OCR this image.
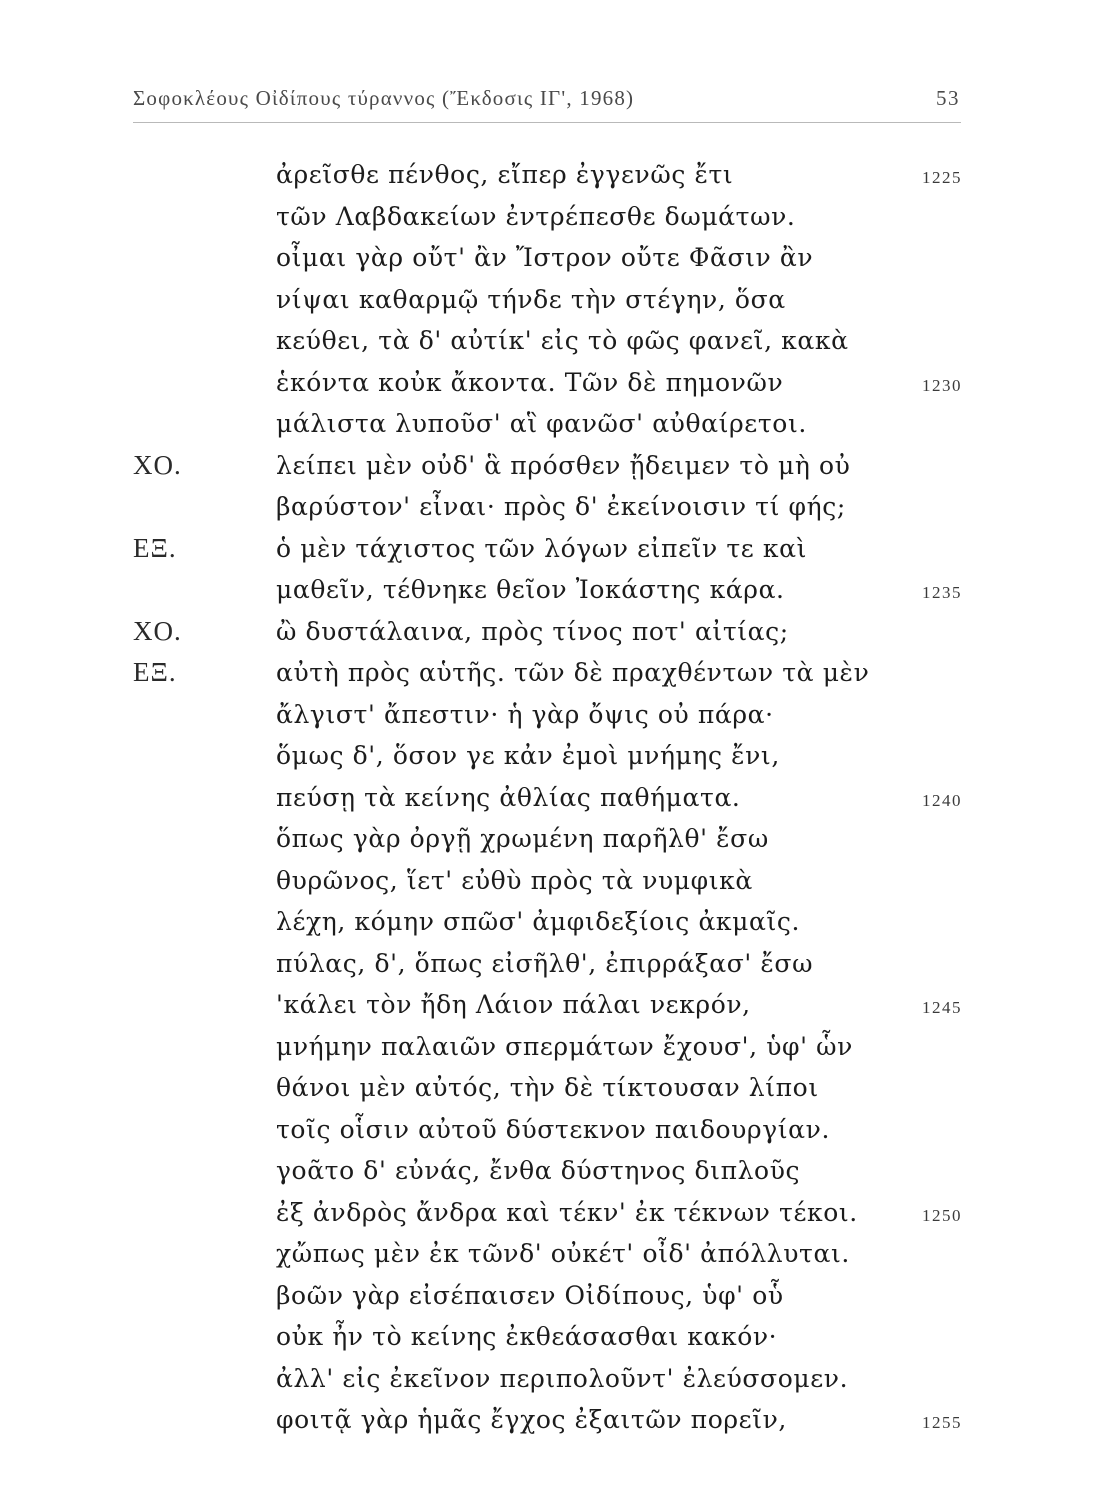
Σοφοκλέους Οἰδίπους τύραννος (Ἔκδοσις ΙΓ', 1968)	53
ἀρεῖσθε πένθος, εἴπερ ἐγγενῶς ἔτι	1225
τῶν Λαβδακείων ἐντρέπεσθε δωμάτων.
οἶμαι γὰρ οὔτ' ἂν Ἴστρον οὔτε Φᾶσιν ἂν
νίψαι καθαρμῷ τήνδε τὴν στέγην, ὅσα
κεύθει, τὰ δ' αὐτίκ' εἰς τὸ φῶς φανεῖ, κακὰ
ἑκόντα κοὐκ ἄκοντα. Τῶν δὲ πημονῶν	1230
μάλιστα λυποῦσ' αἳ φανῶσ' αὐθαίρετοι.
ΧΟ.	λείπει μὲν οὐδ' ἃ πρόσθεν ᾔδειμεν τὸ μὴ οὐ
βαρύστον' εἶναι· πρὸς δ' ἐκείνοισιν τί φής;
ΕΞ.	ὁ μὲν τάχιστος τῶν λόγων εἰπεῖν τε καὶ
μαθεῖν, τέθνηκε θεῖον Ἰοκάστης κάρα.	1235
ΧΟ.	ὢ δυστάλαινα, πρὸς τίνος ποτ' αἰτίας;
ΕΞ.	αὐτὴ πρὸς αὑτῆς. τῶν δὲ πραχθέντων τὰ μὲν
ἄλγιστ' ἄπεστιν· ἡ γὰρ ὄψις οὐ πάρα·
ὅμως δ', ὅσον γε κἀν ἐμοὶ μνήμης ἔνι,
πεύσῃ τὰ κείνης ἀθλίας παθήματα.	1240
ὅπως γὰρ ὀργῇ χρωμένη παρῆλθ' ἔσω
θυρῶνος, ἵετ' εὐθὺ πρὸς τὰ νυμφικὰ
λέχη, κόμην σπῶσ' ἀμφιδεξίοις ἀκμαῖς.
πύλας, δ', ὅπως εἰσῆλθ', ἐπιρράξασ' ἔσω
'κάλει τὸν ἤδη Λάιον πάλαι νεκρόν,	1245
μνήμην παλαιῶν σπερμάτων ἔχουσ', ὑφ' ὧν
θάνοι μὲν αὐτός, τὴν δὲ τίκτουσαν λίποι
τοῖς οἷσιν αὐτοῦ δύστεκνον παιδουργίαν.
γοᾶτο δ' εὐνάς, ἔνθα δύστηνος διπλοῦς
ἐξ ἀνδρὸς ἄνδρα καὶ τέκν' ἐκ τέκνων τέκοι.	1250
χὤπως μὲν ἐκ τῶνδ' οὐκέτ' οἶδ' ἀπόλλυται.
βοῶν γὰρ εἰσέπαισεν Οἰδίπους, ὑφ' οὗ
οὐκ ἦν τὸ κείνης ἐκθεάσασθαι κακόν·
ἀλλ' εἰς ἐκεῖνον περιπολοῦντ' ἐλεύσσομεν.
φοιτᾷ γὰρ ἡμᾶς ἔγχος ἐξαιτῶν πορεῖν,	1255
